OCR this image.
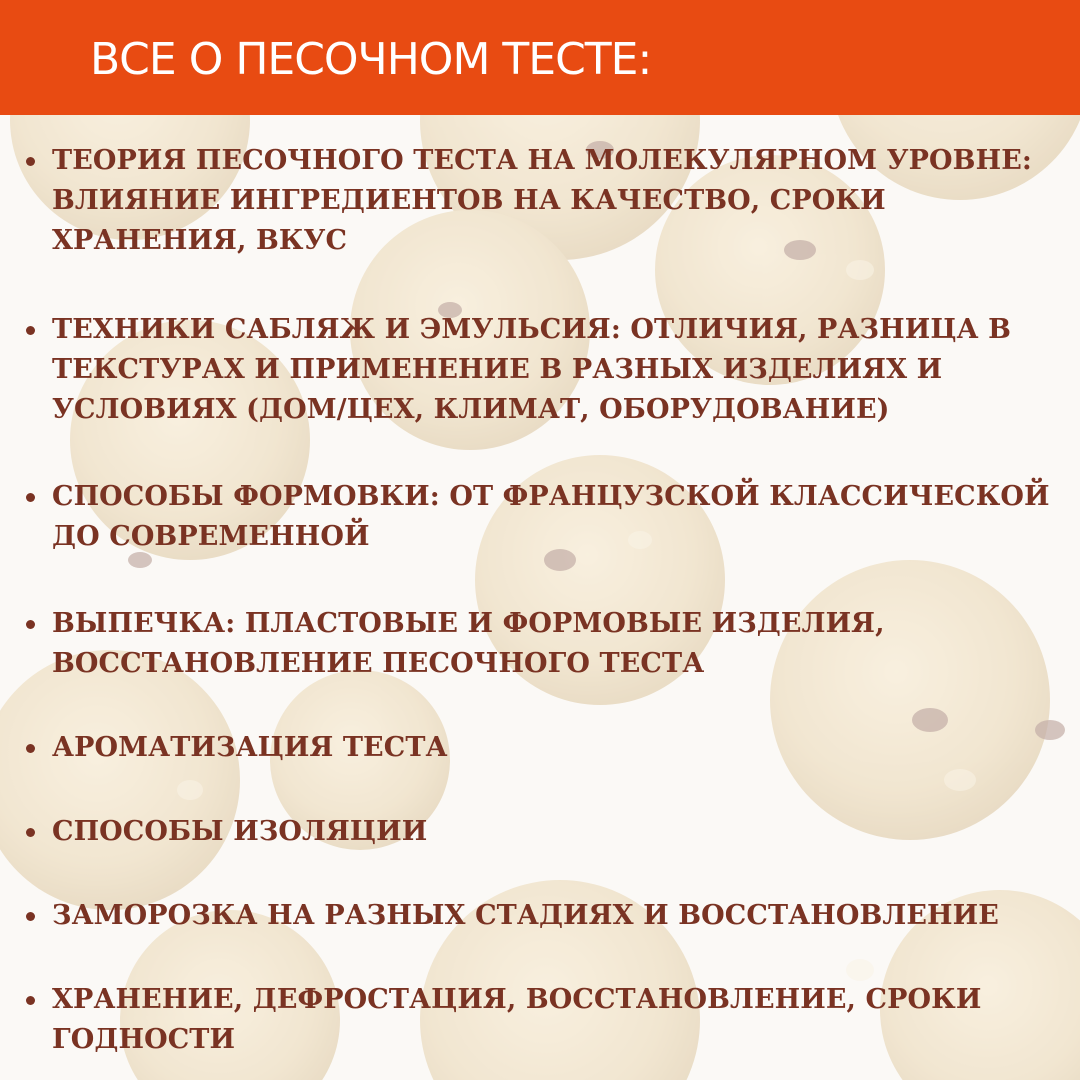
ВСЕ О ПЕСОЧНОМ ТЕСТЕ:
ТЕОРИЯ ПЕСОЧНОГО ТЕСТА НА МОЛЕКУЛЯРНОМ УРОВНЕ:
ВЛИЯНИЕ ИНГРЕДИЕНТОВ НА КАЧЕСТВО, СРОКИ
ХРАНЕНИЯ, ВКУС
ТЕХНИКИ САБЛЯЖ И ЭМУЛЬСИЯ: ОТЛИЧИЯ, РАЗНИЦА В
ТЕКСТУРАХ И ПРИМЕНЕНИЕ В РАЗНЫХ ИЗДЕЛИЯХ И
УСЛОВИЯХ (ДОМ/ЦЕХ, КЛИМАТ, ОБОРУДОВАНИЕ)
СПОСОБЫ ФОРМОВКИ: ОТ ФРАНЦУЗСКОЙ КЛАССИЧЕСКОЙ
ДО СОВРЕМЕННОЙ
ВЫПЕЧКА: ПЛАСТОВЫЕ И ФОРМОВЫЕ ИЗДЕЛИЯ,
ВОССТАНОВЛЕНИЕ ПЕСОЧНОГО ТЕСТА
АРОМАТИЗАЦИЯ ТЕСТА
СПОСОБЫ ИЗОЛЯЦИИ
ЗАМОРОЗКА НА РАЗНЫХ СТАДИЯХ И ВОССТАНОВЛЕНИЕ
ХРАНЕНИЕ, ДЕФРОСТАЦИЯ, ВОССТАНОВЛЕНИЕ, СРОКИ
ГОДНОСТИ
